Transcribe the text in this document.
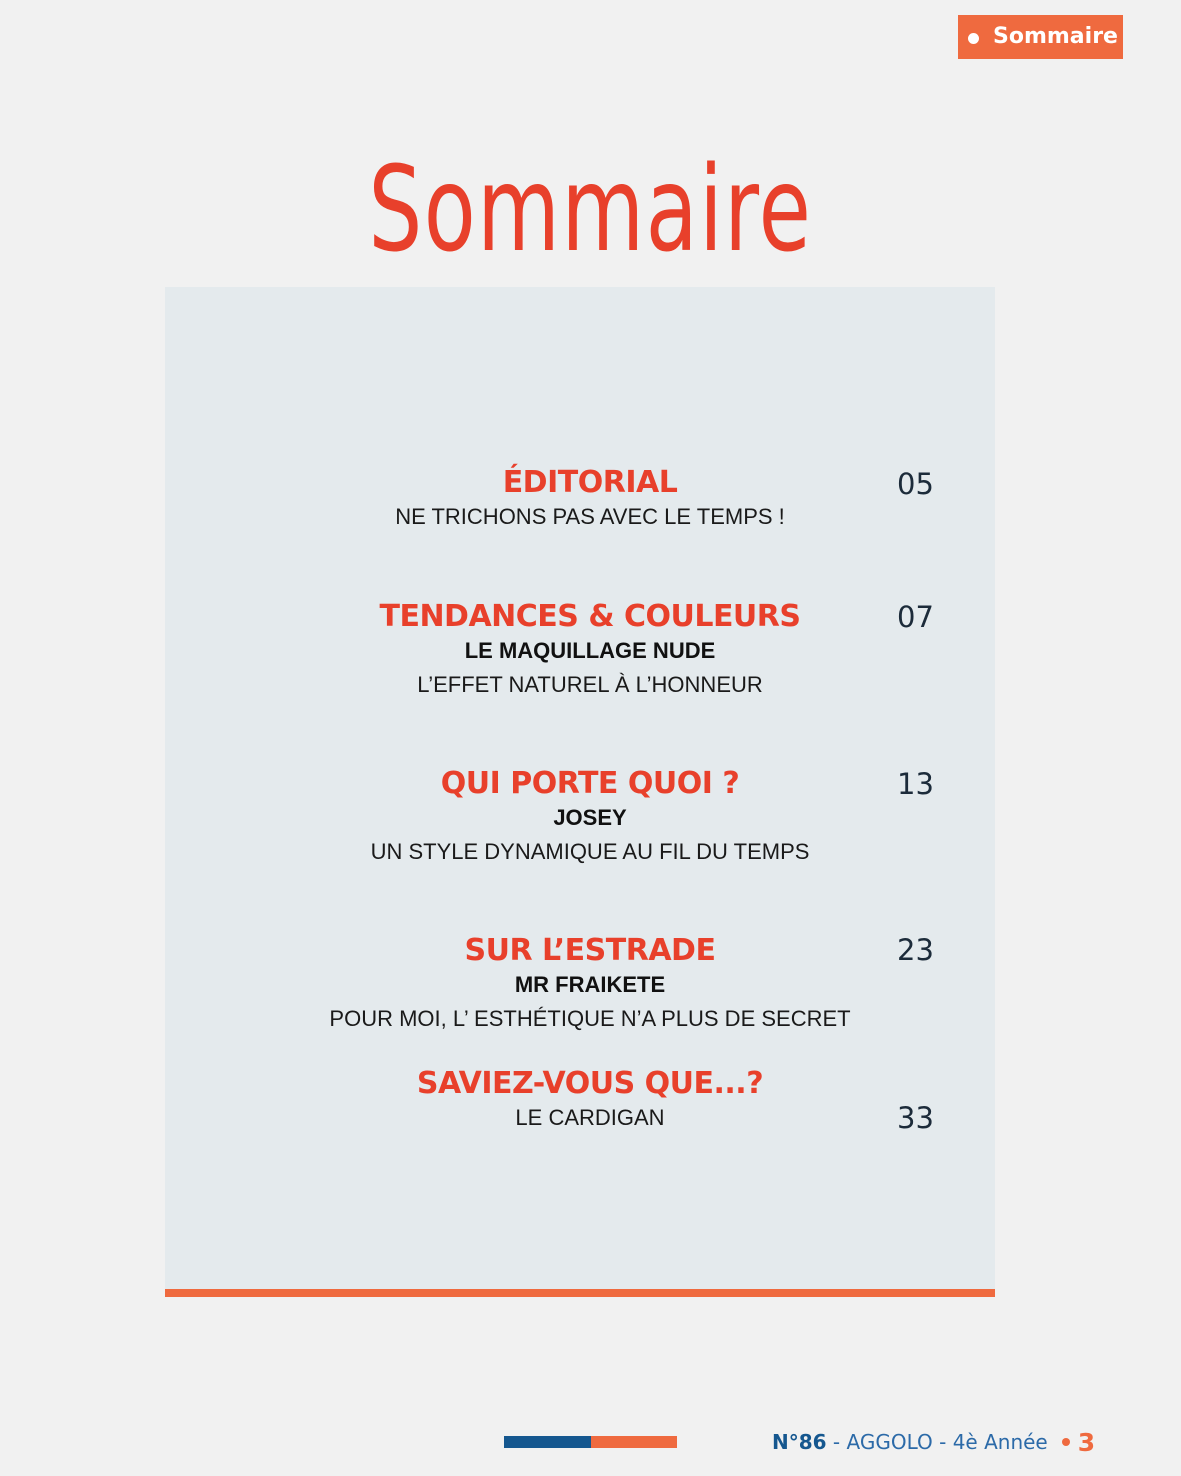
Sommaire
Sommaire
ÉDITORIAL
NE TRICHONS PAS AVEC LE TEMPS !
05
TENDANCES & COULEURS
LE MAQUILLAGE NUDE
L’EFFET NATUREL À L’HONNEUR
07
QUI PORTE QUOI ?
JOSEY
UN STYLE DYNAMIQUE AU FIL DU TEMPS
13
SUR L’ESTRADE
MR FRAIKETE
POUR MOI, L’ ESTHÉTIQUE N’A PLUS DE SECRET
23
SAVIEZ-VOUS QUE...?
LE CARDIGAN	33
N°86 - AGGOLO - 4è Année 3
